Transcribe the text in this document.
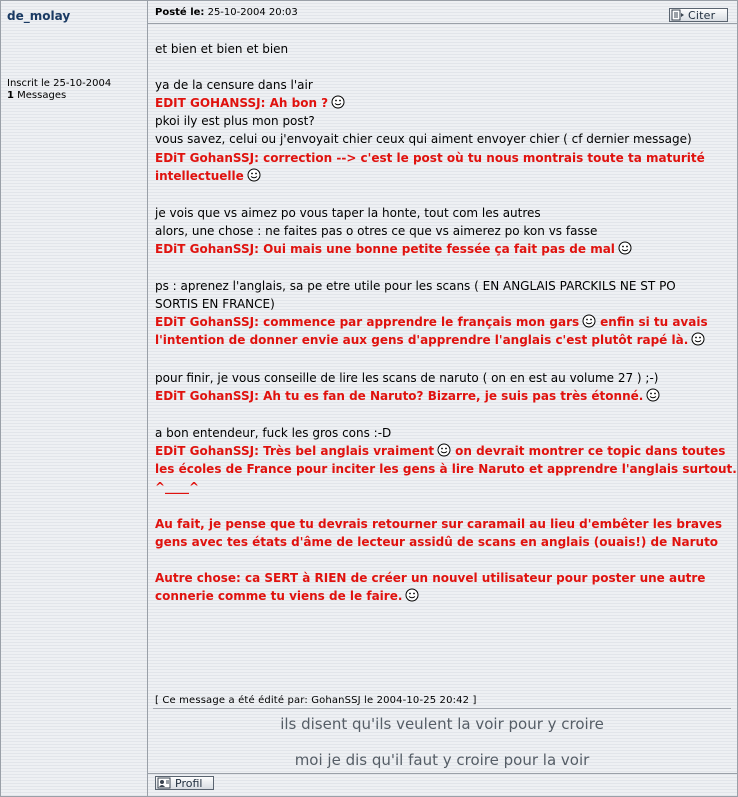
de_molay
Inscrit le 25-10-2004
1 Messages
Posté le: 25-10-2004 20:03	Citer
et bien et bien et bien
ya de la censure dans l'air
EDIT GOHANSSJ: Ah bon ?
pkoi ily est plus mon post?
vous savez, celui ou j'envoyait chier ceux qui aiment envoyer chier ( cf dernier message)
EDiT GohanSSJ: correction --> c'est le post où tu nous montrais toute ta maturité
intellectuelle
je vois que vs aimez po vous taper la honte, tout com les autres
alors, une chose : ne faites pas o otres ce que vs aimerez po kon vs fasse
EDiT GohanSSJ: Oui mais une bonne petite fessée ça fait pas de mal
ps : aprenez l'anglais, sa pe etre utile pour les scans ( EN ANGLAIS PARCKILS NE ST PO
SORTIS EN FRANCE)
EDiT GohanSSJ: commence par apprendre le français mon gars enfin si tu avais
l'intention de donner envie aux gens d'apprendre l'anglais c'est plutôt rapé là.
pour finir, je vous conseille de lire les scans de naruto ( on en est au volume 27 ) ;-)
EDiT GohanSSJ: Ah tu es fan de Naruto? Bizarre, je suis pas très étonné.
a bon entendeur, fuck les gros cons :-D
EDiT GohanSSJ: Très bel anglais vraiment on devrait montrer ce topic dans toutes
les écoles de France pour inciter les gens à lire Naruto et apprendre l'anglais surtout.
^____^
Au fait, je pense que tu devrais retourner sur caramail au lieu d'embêter les braves
gens avec tes états d'âme de lecteur assidû de scans en anglais (ouais!) de Naruto
Autre chose: ca SERT à RIEN de créer un nouvel utilisateur pour poster une autre
connerie comme tu viens de le faire.
[ Ce message a été édité par: GohanSSJ le 2004-10-25 20:42 ]
ils disent qu'ils veulent la voir pour y croire
moi je dis qu'il faut y croire pour la voir
Profil
